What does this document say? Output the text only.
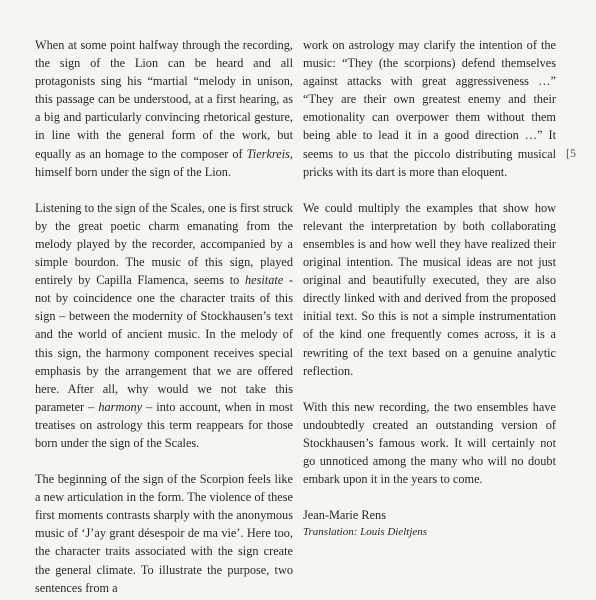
When at some point halfway through the recording, the sign of the Lion can be heard and all protagonists sing his “martial “melody in unison, this passage can be understood, at a first hearing, as a big and particularly convincing rhetorical gesture, in line with the general form of the work, but equally as an homage to the composer of Tierkreis, himself born under the sign of the Lion.

Listening to the sign of the Scales, one is first struck by the great poetic charm emanating from the melody played by the recorder, accompanied by a simple bourdon. The music of this sign, played entirely by Capilla Flamenca, seems to hesitate - not by coincidence one the character traits of this sign – between the modernity of Stockhausen’s text and the world of ancient music. In the melody of this sign, the harmony component receives special emphasis by the arrangement that we are offered here. After all, why would we not take this parameter – harmony – into account, when in most treatises on astrology this term reappears for those born under the sign of the Scales.

The beginning of the sign of the Scorpion feels like a new articulation in the form. The violence of these first moments contrasts sharply with the anonymous music of ‘J’ay grant désespoir de ma vie’. Here too, the character traits associated with the sign create the general climate. To illustrate the purpose, two sentences from a

work on astrology may clarify the intention of the music: “They (the scorpions) defend themselves against attacks with great aggressiveness …” “They are their own greatest enemy and their emotionality can overpower them without them being able to lead it in a good direction …” It seems to us that the piccolo distributing musical pricks with its dart is more than eloquent.

We could multiply the examples that show how relevant the interpretation by both collaborating ensembles is and how well they have realized their original intention. The musical ideas are not just original and beautifully executed, they are also directly linked with and derived from the proposed initial text. So this is not a simple instrumentation of the kind one frequently comes across, it is a rewriting of the text based on a genuine analytic reflection.

With this new recording, the two ensembles have undoubtedly created an outstanding version of Stockhausen’s famous work. It will certainly not go unnoticed among the many who will no doubt embark upon it in the years to come.

Jean-Marie Rens
Translation: Louis Dieltjens
[5
